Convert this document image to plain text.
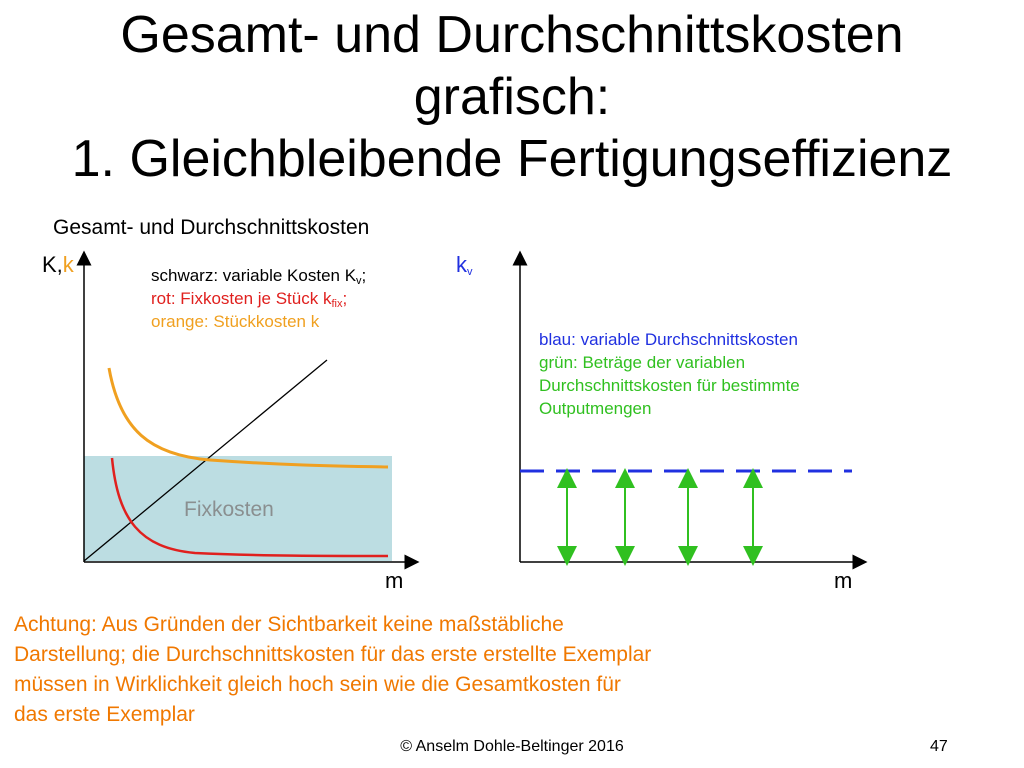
Gesamt- und Durchschnittskosten
grafisch:
1. Gleichbleibende Fertigungseffizienz
Gesamt- und Durchschnittskosten
K,k
m
Fixkosten
schwarz: variable Kosten $K_v$;
rot: Fixkosten je Stück $k_{fix}$;
orange: Stückkosten k
$k_v$
m
blau: variable Durchschnittskosten
grün: Beträge der variablen
Durchschnittskosten für bestimmte
Outputmengen
Achtung: Aus Gründen der Sichtbarkeit keine maßstäbliche Darstellung; die Durchschnittskosten für das erste erstellte Exemplar müssen in Wirklichkeit gleich hoch sein wie die Gesamtkosten für das erste Exemplar
© Anselm Dohle-Beltinger 2016	47
